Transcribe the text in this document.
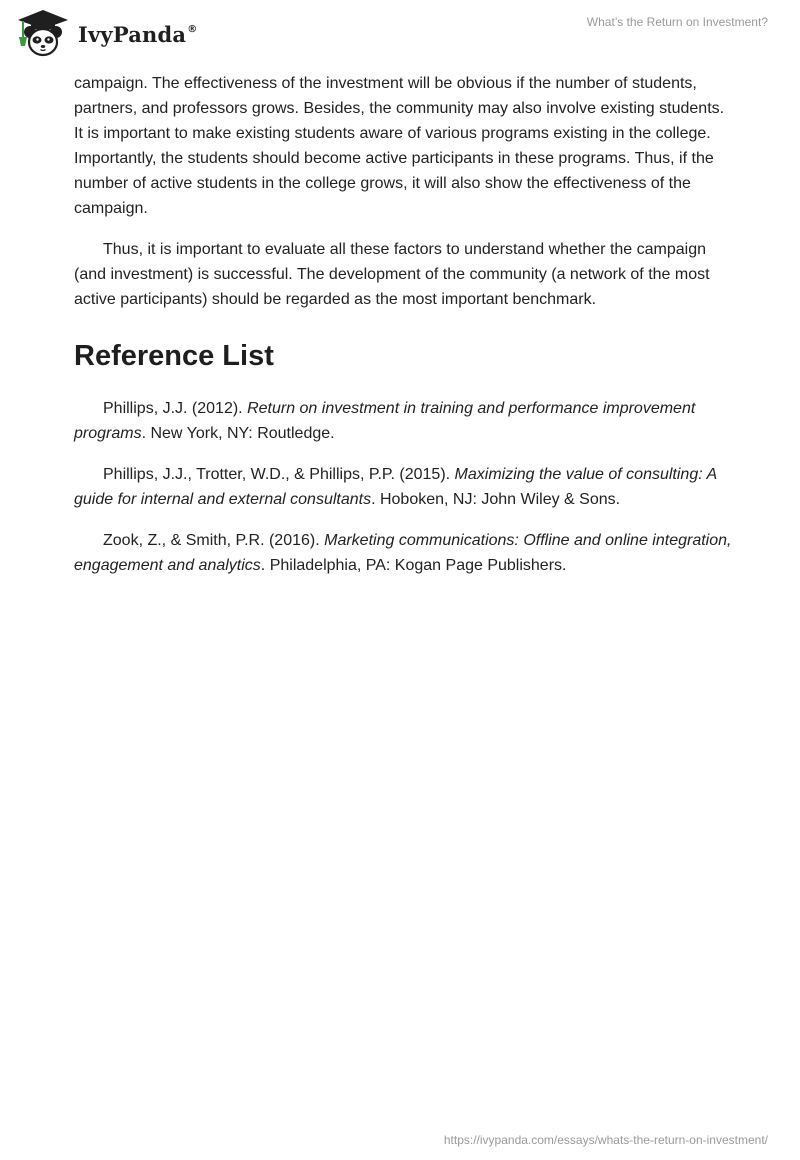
IvyPanda®	What’s the Return on Investment?

campaign. The effectiveness of the investment will be obvious if the number of students, partners, and professors grows. Besides, the community may also involve existing students. It is important to make existing students aware of various programs existing in the college. Importantly, the students should become active participants in these programs. Thus, if the number of active students in the college grows, it will also show the effectiveness of the campaign.

Thus, it is important to evaluate all these factors to understand whether the campaign (and investment) is successful. The development of the community (a network of the most active participants) should be regarded as the most important benchmark.

Reference List

Phillips, J.J. (2012). Return on investment in training and performance improvement programs. New York, NY: Routledge.

Phillips, J.J., Trotter, W.D., & Phillips, P.P. (2015). Maximizing the value of consulting: A guide for internal and external consultants. Hoboken, NJ: John Wiley & Sons.

Zook, Z., & Smith, P.R. (2016). Marketing communications: Offline and online integration, engagement and analytics. Philadelphia, PA: Kogan Page Publishers.

https://ivypanda.com/essays/whats-the-return-on-investment/
